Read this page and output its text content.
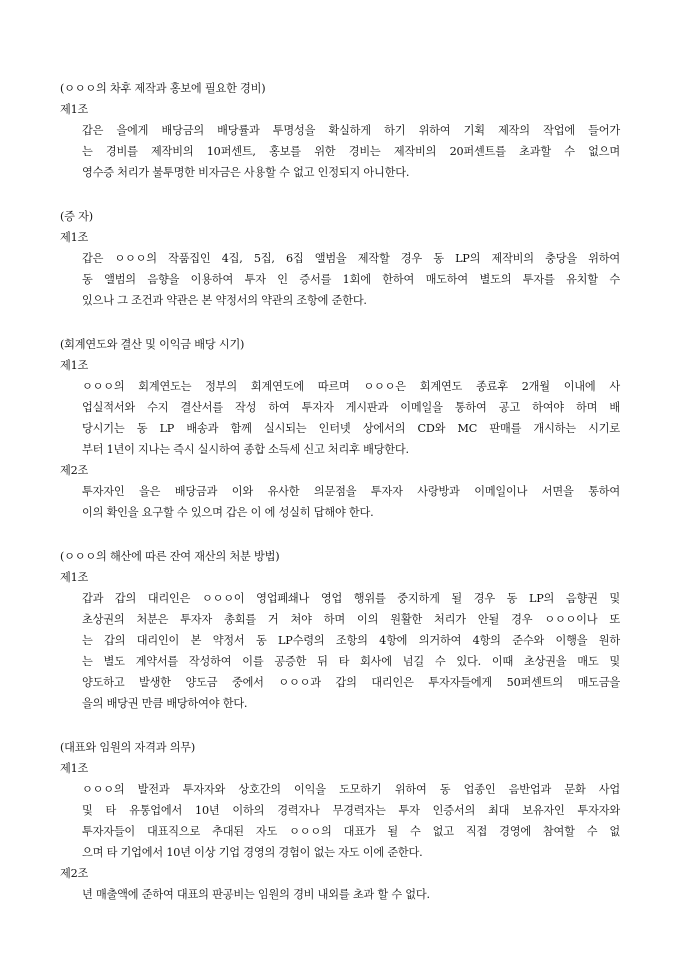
(ㅇㅇㅇ의 차후 제작과 홍보에 필요한 경비)
제1조
갑은 을에게 배당금의 배당률과 투명성을 확실하게 하기 위하여 기획 제작의 작업에 들어가
는 경비를 제작비의 10퍼센트, 홍보를 위한 경비는 제작비의 20퍼센트를 초과할 수 없으며
영수증 처리가 불투명한 비자금은 사용할 수 없고 인정되지 아니한다.
(증 자)
제1조
갑은 ㅇㅇㅇ의 작품집인 4집, 5집, 6집 앨범을 제작할 경우 동 LP의 제작비의 충당을 위하여
동 앨범의 음향을 이용하여 투자 인 증서를 1회에 한하여 매도하여 별도의 투자를 유치할 수
있으나 그 조건과 약관은 본 약정서의 약관의 조항에 준한다.
(회계연도와 결산 및 이익금 배당 시기)
제1조
ㅇㅇㅇ의 회계연도는 정부의 회계연도에 따르며 ㅇㅇㅇ은 회계연도 종료후 2개월 이내에 사
업실적서와 수지 결산서를 작성 하여 투자자 게시판과 이메일을 통하여 공고 하여야 하며 배
당시기는 동 LP 배송과 함께 실시되는 인터넷 상에서의 CD와 MC 판매를 개시하는 시기로
부터 1년이 지나는 즉시 실시하여 종합 소득세 신고 처리후 배당한다.
제2조
투자자인 을은 배당금과 이와 유사한 의문점을 투자자 사랑방과 이메일이나 서면을 통하여
이의 확인을 요구할 수 있으며 갑은 이 에 성실히 답해야 한다.
(ㅇㅇㅇ의 해산에 따른 잔여 재산의 처분 방법)
제1조
갑과 갑의 대리인은 ㅇㅇㅇ이 영업폐쇄나 영업 행위를 중지하게 될 경우 동 LP의 음향권 및
초상권의 처분은 투자자 총회를 거 쳐야 하며 이의 원활한 처리가 안될 경우 ㅇㅇㅇ이나 또
는 갑의 대리인이 본 약정서 동 LP수령의 조항의 4항에 의거하여 4항의 준수와 이행을 원하
는 별도 계약서를 작성하여 이를 공증한 뒤 타 회사에 넘길 수 있다. 이때 초상권을 매도 및
양도하고 발생한 양도금 중에서 ㅇㅇㅇ과 갑의 대리인은 투자자들에게 50퍼센트의 매도금을
을의 배당권 만큼 배당하여야 한다.
(대표와 임원의 자격과 의무)
제1조
ㅇㅇㅇ의 발전과 투자자와 상호간의 이익을 도모하기 위하여 동 업종인 음반업과 문화 사업
및 타 유통업에서 10년 이하의 경력자나 무경력자는 투자 인증서의 최대 보유자인 투자자와
투자자들이 대표직으로 추대된 자도 ㅇㅇㅇ의 대표가 될 수 없고 직접 경영에 참여할 수 없
으며 타 기업에서 10년 이상 기업 경영의 경험이 없는 자도 이에 준한다.
제2조
년 매출액에 준하여 대표의 판공비는 임원의 경비 내외를 초과 할 수 없다.
